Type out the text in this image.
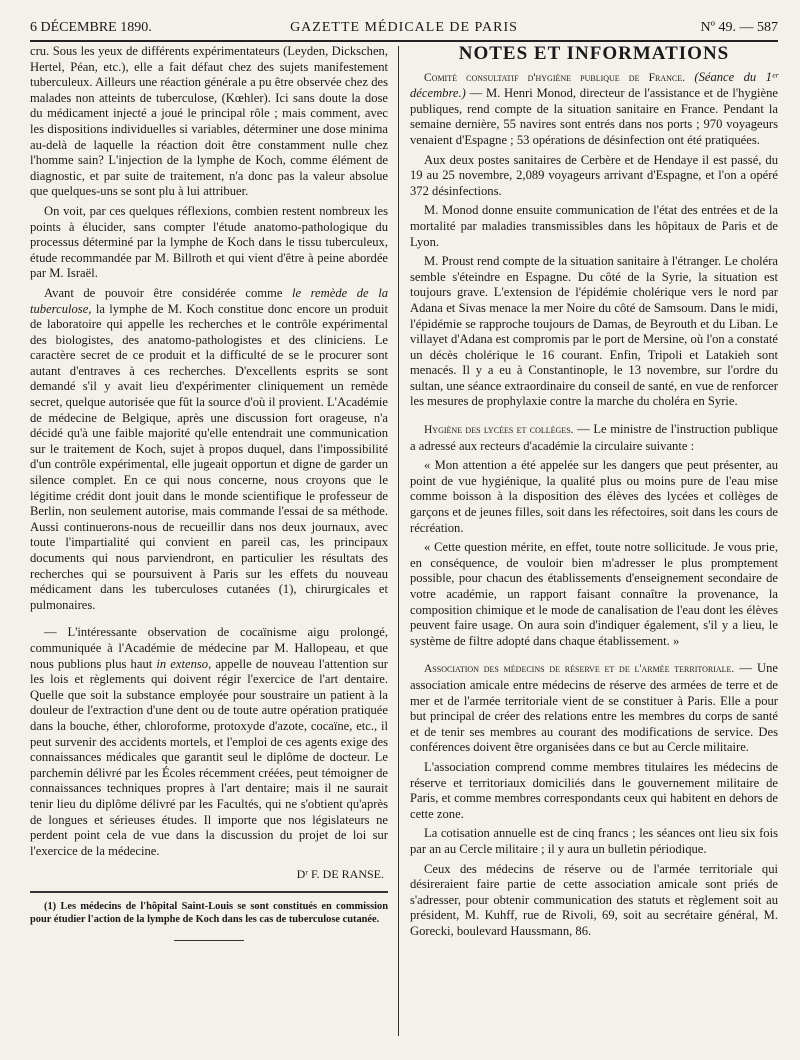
6 DÉCEMBRE 1890.	GAZETTE MÉDICALE DE PARIS	Nº 49. — 587

cru. Sous les yeux de différents expérimentateurs (Leyden, Dickschen, Hertel, Péan, etc.), elle a fait défaut chez des sujets manifestement tuberculeux. Ailleurs une réaction générale a pu être observée chez des malades non atteints de tuberculose, (Kœhler). Ici sans doute la dose du médicament injecté a joué le principal rôle ; mais comment, avec les dispositions individuelles si variables, déterminer une dose minima au-delà de laquelle la réaction doit être constamment nulle chez l'homme sain? L'injection de la lymphe de Koch, comme élément de diagnostic, et par suite de traitement, n'a donc pas la valeur absolue que quelques-uns se sont plu à lui attribuer.

On voit, par ces quelques réflexions, combien restent nombreux les points à élucider, sans compter l'étude anatomo-pathologique du processus déterminé par la lymphe de Koch dans le tissu tuberculeux, étude recommandée par M. Billroth et qui vient d'être à peine abordée par M. Israël.

Avant de pouvoir être considérée comme le remède de la tuberculose, la lymphe de M. Koch constitue donc encore un produit de laboratoire qui appelle les recherches et le contrôle expérimental des biologistes, des anatomo-pathologistes et des cliniciens. Le caractère secret de ce produit et la difficulté de se le procurer sont autant d'entraves à ces recherches. D'excellents esprits se sont demandé s'il y avait lieu d'expérimenter cliniquement un remède secret, quelque autorisée que fût la source d'où il provient. L'Académie de médecine de Belgique, après une discussion fort orageuse, n'a décidé qu'à une faible majorité qu'elle entendrait une communication sur le traitement de Koch, sujet à propos duquel, dans l'impossibilité d'un contrôle expérimental, elle jugeait opportun et digne de garder un silence complet. En ce qui nous concerne, nous croyons que le légitime crédit dont jouit dans le monde scientifique le professeur de Berlin, non seulement autorise, mais commande l'essai de sa méthode. Aussi continuerons-nous de recueillir dans nos deux journaux, avec toute l'impartialité qui convient en pareil cas, les principaux documents qui nous parviendront, en particulier les résultats des recherches qui se poursuivent à Paris sur les effets du nouveau médicament dans les tuberculoses cutanées (1), chirurgicales et pulmonaires.

— L'intéressante observation de cocaïnisme aigu prolongé, communiquée à l'Académie de médecine par M. Hallopeau, et que nous publions plus haut in extenso, appelle de nouveau l'attention sur les lois et règlements qui doivent régir l'exercice de l'art dentaire. Quelle que soit la substance employée pour soustraire un patient à la douleur de l'extraction d'une dent ou de toute autre opération pratiquée dans la bouche, éther, chloroforme, protoxyde d'azote, cocaïne, etc., il peut survenir des accidents mortels, et l'emploi de ces agents exige des connaissances médicales que garantit seul le diplôme de docteur. Le parchemin délivré par les Écoles récemment créées, peut témoigner de connaissances techniques propres à l'art dentaire; mais il ne saurait tenir lieu du diplôme délivré par les Facultés, qui ne s'obtient qu'après de longues et sérieuses études. Il importe que nos législateurs ne perdent point cela de vue dans la discussion du projet de loi sur l'exercice de la médecine.

Dʳ F. DE RANSE.

(1) Les médecins de l'hôpital Saint-Louis se sont constitués en commission pour étudier l'action de la lymphe de Koch dans les cas de tuberculose cutanée.

NOTES ET INFORMATIONS

Comité consultatif d'hygiène publique de France. (Séance du 1ᵉʳ décembre.) — M. Henri Monod, directeur de l'assistance et de l'hygiène publiques, rend compte de la situation sanitaire en France. Pendant la semaine dernière, 55 navires sont entrés dans nos ports ; 970 voyageurs venaient d'Espagne ; 53 opérations de désinfection ont été pratiquées.

Aux deux postes sanitaires de Cerbère et de Hendaye il est passé, du 19 au 25 novembre, 2,089 voyageurs arrivant d'Espagne, et l'on a opéré 372 désinfections.

M. Monod donne ensuite communication de l'état des entrées et de la mortalité par maladies transmissibles dans les hôpitaux de Paris et de Lyon.

M. Proust rend compte de la situation sanitaire à l'étranger. Le choléra semble s'éteindre en Espagne. Du côté de la Syrie, la situation est toujours grave. L'extension de l'épidémie cholérique vers le nord par Adana et Sivas menace la mer Noire du côté de Samsoum. Dans le midi, l'épidémie se rapproche toujours de Damas, de Beyrouth et du Liban. Le villayet d'Adana est compromis par le port de Mersine, où l'on a constaté un décès cholérique le 16 courant. Enfin, Tripoli et Latakieh sont menacés. Il y a eu à Constantinople, le 13 novembre, sur l'ordre du sultan, une séance extraordinaire du conseil de santé, en vue de renforcer les mesures de prophylaxie contre la marche du choléra en Syrie.

Hygiène des lycées et collèges. — Le ministre de l'instruction publique a adressé aux recteurs d'académie la circulaire suivante :

« Mon attention a été appelée sur les dangers que peut présenter, au point de vue hygiénique, la qualité plus ou moins pure de l'eau mise comme boisson à la disposition des élèves des lycées et collèges de garçons et de jeunes filles, soit dans les réfectoires, soit dans les cours de récréation.

« Cette question mérite, en effet, toute notre sollicitude. Je vous prie, en conséquence, de vouloir bien m'adresser le plus promptement possible, pour chacun des établissements d'enseignement secondaire de votre académie, un rapport faisant connaître la provenance, la composition chimique et le mode de canalisation de l'eau dont les élèves peuvent faire usage. On aura soin d'indiquer également, s'il y a lieu, le système de filtre adopté dans chaque établissement. »

Association des médecins de réserve et de l'armée territoriale. — Une association amicale entre médecins de réserve des armées de terre et de mer et de l'armée territoriale vient de se constituer à Paris. Elle a pour but principal de créer des relations entre les membres du corps de santé et de tenir ses membres au courant des modifications de service. Des conférences doivent être organisées dans ce but au Cercle militaire.

L'association comprend comme membres titulaires les médecins de réserve et territoriaux domiciliés dans le gouvernement militaire de Paris, et comme membres correspondants ceux qui habitent en dehors de cette zone.

La cotisation annuelle est de cinq francs ; les séances ont lieu six fois par an au Cercle militaire ; il y aura un bulletin périodique.

Ceux des médecins de réserve ou de l'armée territoriale qui désireraient faire partie de cette association amicale sont priés de s'adresser, pour obtenir communication des statuts et règlement soit au président, M. Kuhff, rue de Rivoli, 69, soit au secrétaire général, M. Gorecki, boulevard Haussmann, 86.
